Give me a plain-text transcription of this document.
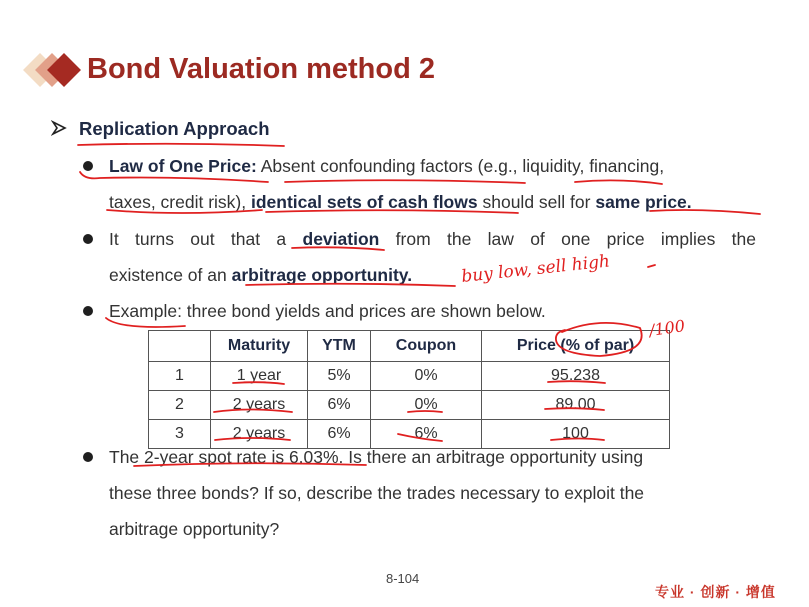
Bond Valuation method 2
Replication Approach
Law of One Price: Absent confounding factors (e.g., liquidity, financing,
taxes, credit risk), identical sets of cash flows should sell for same price.
It turns out that a deviation from the law of one price implies the
existence of an arbitrage opportunity.
Example: three bond yields and prices are shown below.
	Maturity	YTM	Coupon	Price (% of par)
1	1 year	5%	0%	95.238
2	2 years	6%	0%	89.00
3	2 years	6%	6%	100
The 2-year spot rate is 6.03%. Is there an arbitrage opportunity using
these three bonds? If so, describe the trades necessary to exploit the
arbitrage opportunity?
8-104
专业 · 创新 · 增值
buy low, sell high
/100
